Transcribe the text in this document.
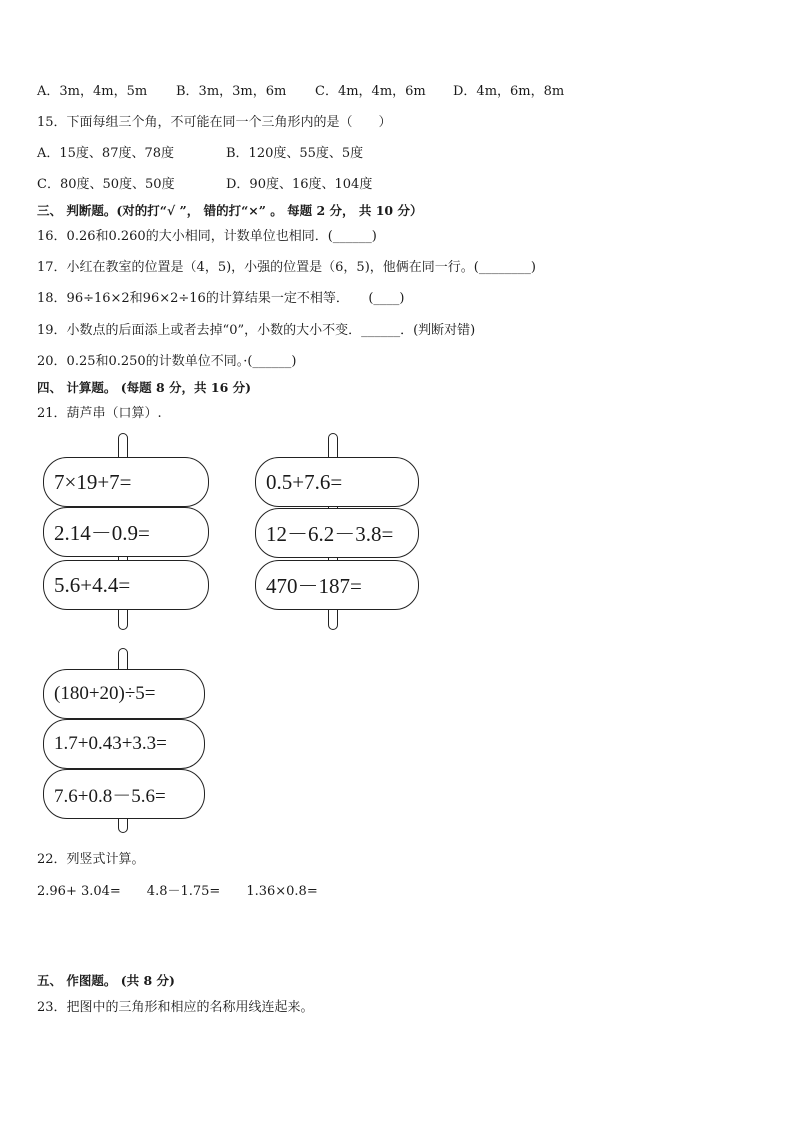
A．3m，4m，5m B．3m，3m，6m C．4m，4m，6m D．4m，6m，8m
15．下面每组三个角，不可能在同一个三角形内的是（　　）
A．15度、87度、78度	B．120度、55度、5度
C．80度、50度、50度	D．90度、16度、104度
三、 判断题。(对的打“√ ”， 错的打“×” 。 每题 2 分， 共 10 分）
16．0.26和0.260的大小相同，计数单位也相同．(______)
17．小红在教室的位置是（4，5)，小强的位置是（6，5)，他俩在同一行。(________)
18．96÷16×2和96×2÷16的计算结果一定不相等．　　(____)
19．小数点的后面添上或者去掉“0”，小数的大小不变．______．(判断对错)
20．0.25和0.250的计数单位不同。·(______)
四、 计算题。 (每题 8 分，共 16 分)
21．葫芦串（口算）.
7×19+7=
2.14－0.9=
5.6+4.4=
0.5+7.6=
12－6.2－3.8=
470－187=
(180+20)÷5=
1.7+0.43+3.3=
7.6+0.8－5.6=
22．列竖式计算。
2.96+ 3.04=　　4.8－1.75=　　1.36×0.8=
五、 作图题。 (共 8 分)
23．把图中的三角形和相应的名称用线连起来。
